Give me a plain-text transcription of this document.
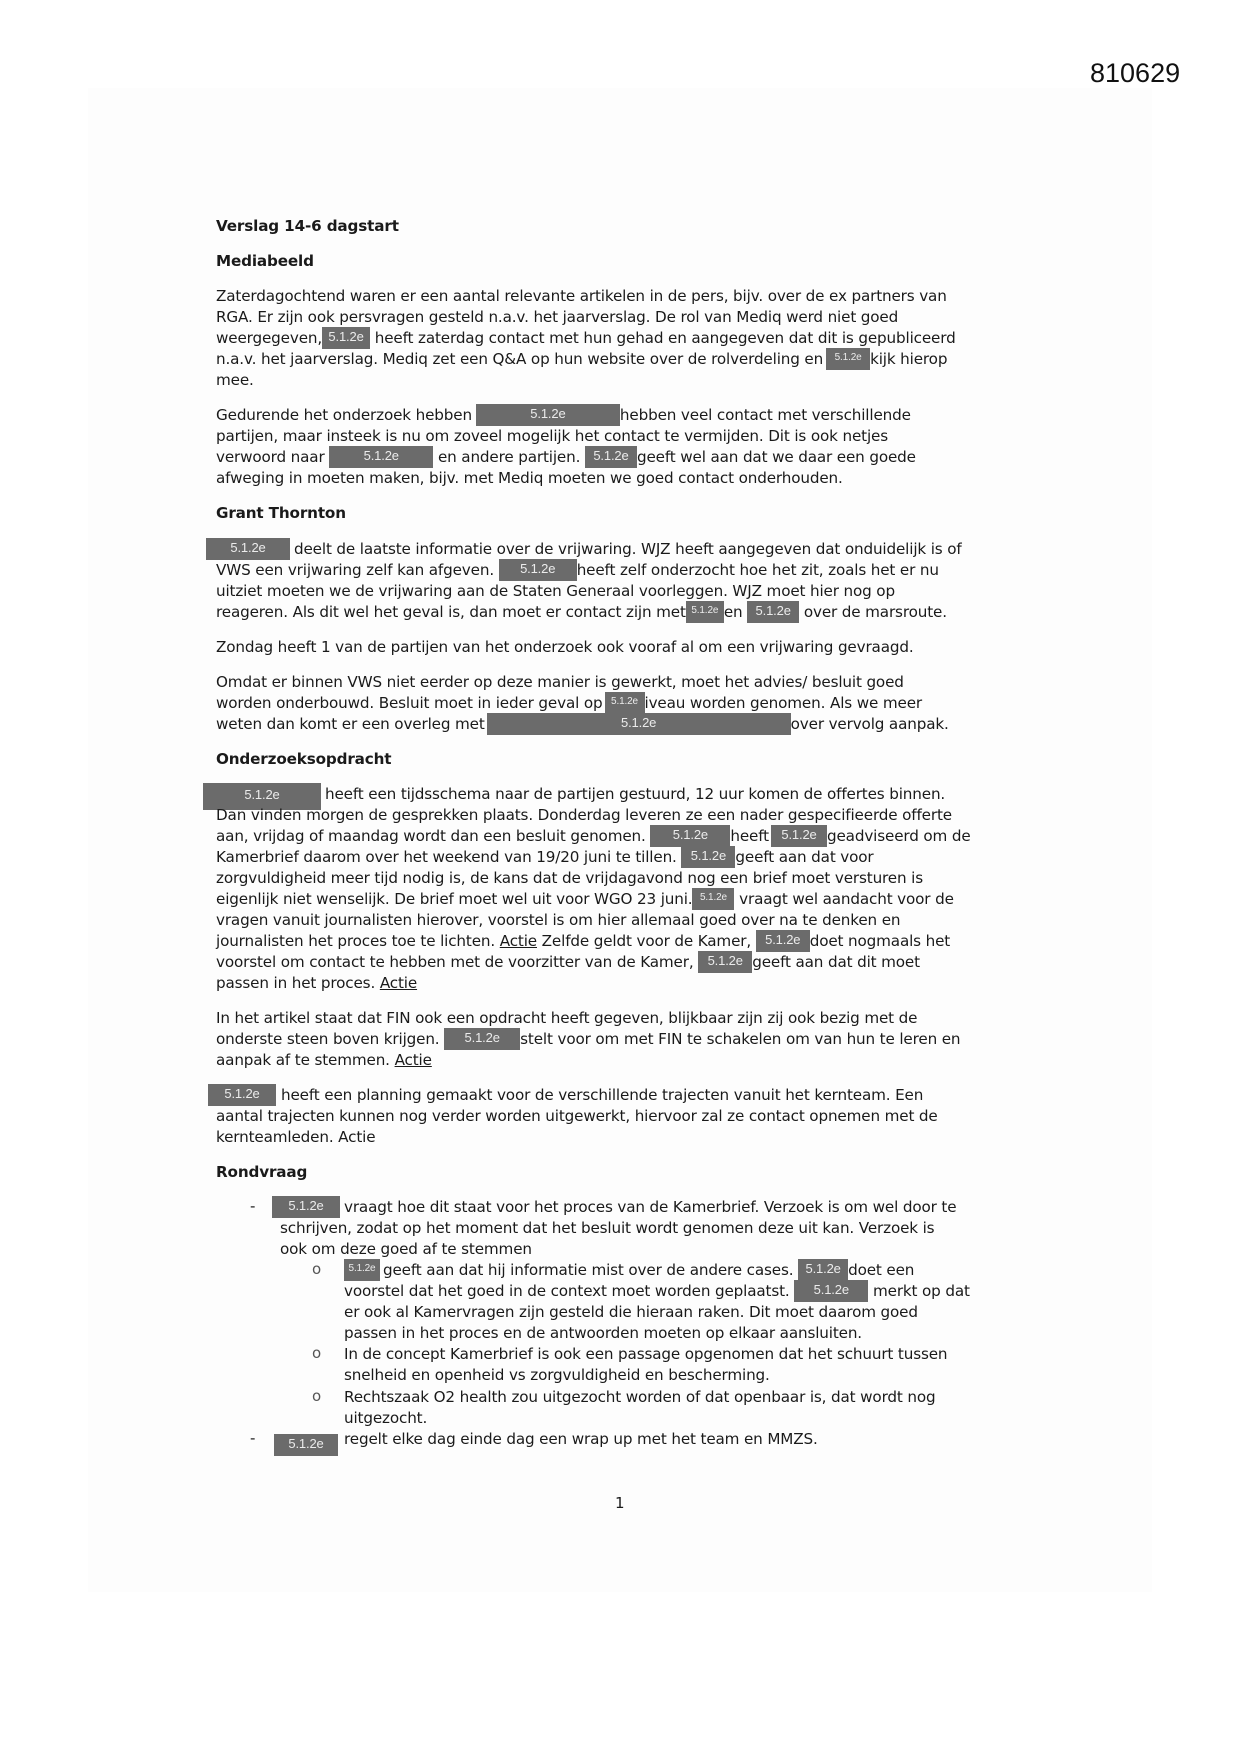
810629
Verslag 14-6 dagstart
Mediabeeld
Zaterdagochtend waren er een aantal relevante artikelen in de pers, bijv. over de ex partners van
RGA. Er zijn ook persvragen gesteld n.a.v. het jaarverslag. De rol van Mediq werd niet goed
weergegeven, 5.1.2e heeft zaterdag contact met hun gehad en aangegeven dat dit is gepubliceerd
n.a.v. het jaarverslag. Mediq zet een Q&A op hun website over de rolverdeling en 5.1.2e kijk hierop
mee.
Gedurende het onderzoek hebben	5.1.2e	hebben veel contact met verschillende
partijen, maar insteek is nu om zoveel mogelijk het contact te vermijden. Dit is ook netjes
verwoord naar	5.1.2e	en andere partijen. 5.1.2e geeft wel aan dat we daar een goede
afweging in moeten maken, bijv. met Mediq moeten we goed contact onderhouden.
Grant Thornton
5.1.2e deelt de laatste informatie over de vrijwaring. WJZ heeft aangegeven dat onduidelijk is of
VWS een vrijwaring zelf kan afgeven. 5.1.2e heeft zelf onderzocht hoe het zit, zoals het er nu
uitziet moeten we de vrijwaring aan de Staten Generaal voorleggen. WJZ moet hier nog op
reageren. Als dit wel het geval is, dan moet er contact zijn met 5.1.2e en 5.1.2e over de marsroute.
Zondag heeft 1 van de partijen van het onderzoek ook vooraf al om een vrijwaring gevraagd.
Omdat er binnen VWS niet eerder op deze manier is gewerkt, moet het advies/ besluit goed
worden onderbouwd. Besluit moet in ieder geval op 5.1.2e iveau worden genomen. Als we meer
weten dan komt er een overleg met	5.1.2e	over vervolg aanpak.
Onderzoeksopdracht
5.1.2e	heeft een tijdsschema naar de partijen gestuurd, 12 uur komen de offertes binnen.
Dan vinden morgen de gesprekken plaats. Donderdag leveren ze een nader gespecifieerde offerte
aan, vrijdag of maandag wordt dan een besluit genomen. 5.1.2e heeft 5.1.2e geadviseerd om de
Kamerbrief daarom over het weekend van 19/20 juni te tillen. 5.1.2e geeft aan dat voor
zorgvuldigheid meer tijd nodig is, de kans dat de vrijdagavond nog een brief moet versturen is
eigenlijk niet wenselijk. De brief moet wel uit voor WGO 23 juni. 5.1.2e vraagt wel aandacht voor de
vragen vanuit journalisten hierover, voorstel is om hier allemaal goed over na te denken en
journalisten het proces toe te lichten. Actie Zelfde geldt voor de Kamer, 5.1.2e doet nogmaals het
voorstel om contact te hebben met de voorzitter van de Kamer, 5.1.2e geeft aan dat dit moet
passen in het proces. Actie
In het artikel staat dat FIN ook een opdracht heeft gegeven, blijkbaar zijn zij ook bezig met de
onderste steen boven krijgen. 5.1.2e stelt voor om met FIN te schakelen om van hun te leren en
aanpak af te stemmen. Actie
5.1.2e heeft een planning gemaakt voor de verschillende trajecten vanuit het kernteam. Een
aantal trajecten kunnen nog verder worden uitgewerkt, hiervoor zal ze contact opnemen met de
kernteamleden. Actie
Rondvraag
-	5.1.2e vraagt hoe dit staat voor het proces van de Kamerbrief. Verzoek is om wel door te
schrijven, zodat op het moment dat het besluit wordt genomen deze uit kan. Verzoek is
ook om deze goed af te stemmen
o	5.1.2e geeft aan dat hij informatie mist over de andere cases. 5.1.2e doet een
voorstel dat het goed in de context moet worden geplaatst. 5.1.2e merkt op dat
er ook al Kamervragen zijn gesteld die hieraan raken. Dit moet daarom goed
passen in het proces en de antwoorden moeten op elkaar aansluiten.
o In de concept Kamerbrief is ook een passage opgenomen dat het schuurt tussen
snelheid en openheid vs zorgvuldigheid en bescherming.
o Rechtszaak O2 health zou uitgezocht worden of dat openbaar is, dat wordt nog
uitgezocht.
-	5.1.2e regelt elke dag einde dag een wrap up met het team en MMZS.
1
